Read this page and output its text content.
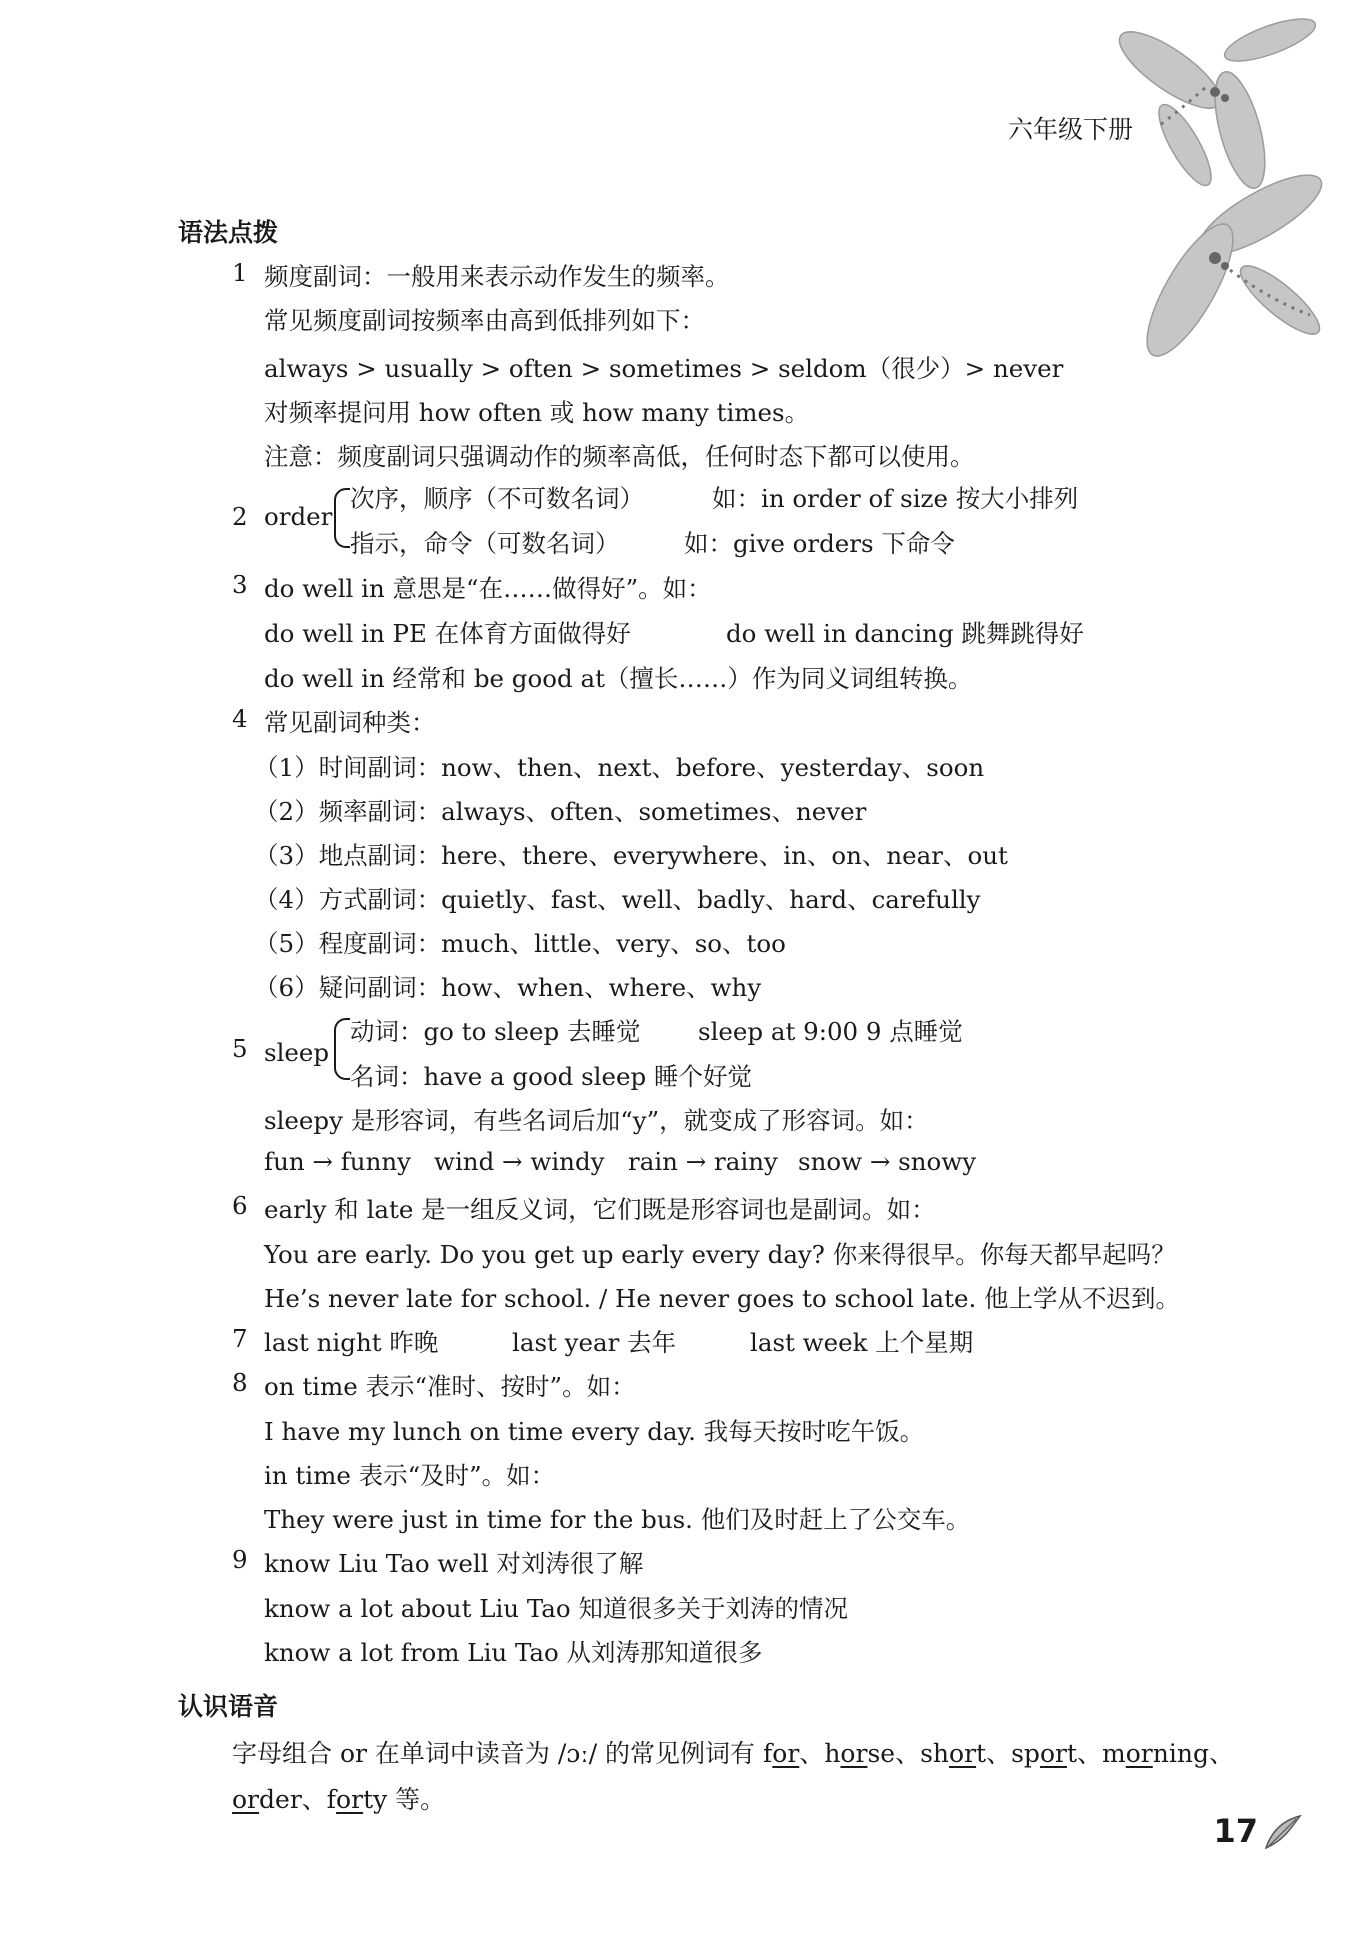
六年级下册
语法点拨
1 频度副词：一般用来表示动作发生的频率。
常见频度副词按频率由高到低排列如下：
always > usually > often > sometimes > seldom（很少）> never
对频率提问用 how often 或 how many times。
注意：频度副词只强调动作的频率高低，任何时态下都可以使用。
2 order
次序，顺序（不可数名词）	如：in order of size 按大小排列
指示，命令（可数名词）	如：give orders 下命令
3 do well in 意思是“在……做得好”。如：
do well in PE 在体育方面做得好	do well in dancing 跳舞跳得好
do well in 经常和 be good at（擅长……）作为同义词组转换。
4 常见副词种类：
（1）时间副词：now、then、next、before、yesterday、soon
（2）频率副词：always、often、sometimes、never
（3）地点副词：here、there、everywhere、in、on、near、out
（4）方式副词：quietly、fast、well、badly、hard、carefully
（5）程度副词：much、little、very、so、too
（6）疑问副词：how、when、where、why
5 sleep
动词：go to sleep 去睡觉 sleep at 9:00 9 点睡觉
名词：have a good sleep 睡个好觉
sleepy 是形容词，有些名词后加“y”，就变成了形容词。如：
fun → funny wind → windy rain → rainy snow → snowy
6 early 和 late 是一组反义词，它们既是形容词也是副词。如：
You are early. Do you get up early every day? 你来得很早。你每天都早起吗？
He’s never late for school. / He never goes to school late. 他上学从不迟到。
7 last night 昨晚	last year 去年	last week 上个星期
8 on time 表示“准时、按时”。如：
I have my lunch on time every day. 我每天按时吃午饭。
in time 表示“及时”。如：
They were just in time for the bus. 他们及时赶上了公交车。
9 know Liu Tao well 对刘涛很了解
know a lot about Liu Tao 知道很多关于刘涛的情况
know a lot from Liu Tao 从刘涛那知道很多
认识语音
字母组合 or 在单词中读音为 /ɔː/ 的常见例词有 for、horse、short、sport、morning、
order、forty 等。
17
